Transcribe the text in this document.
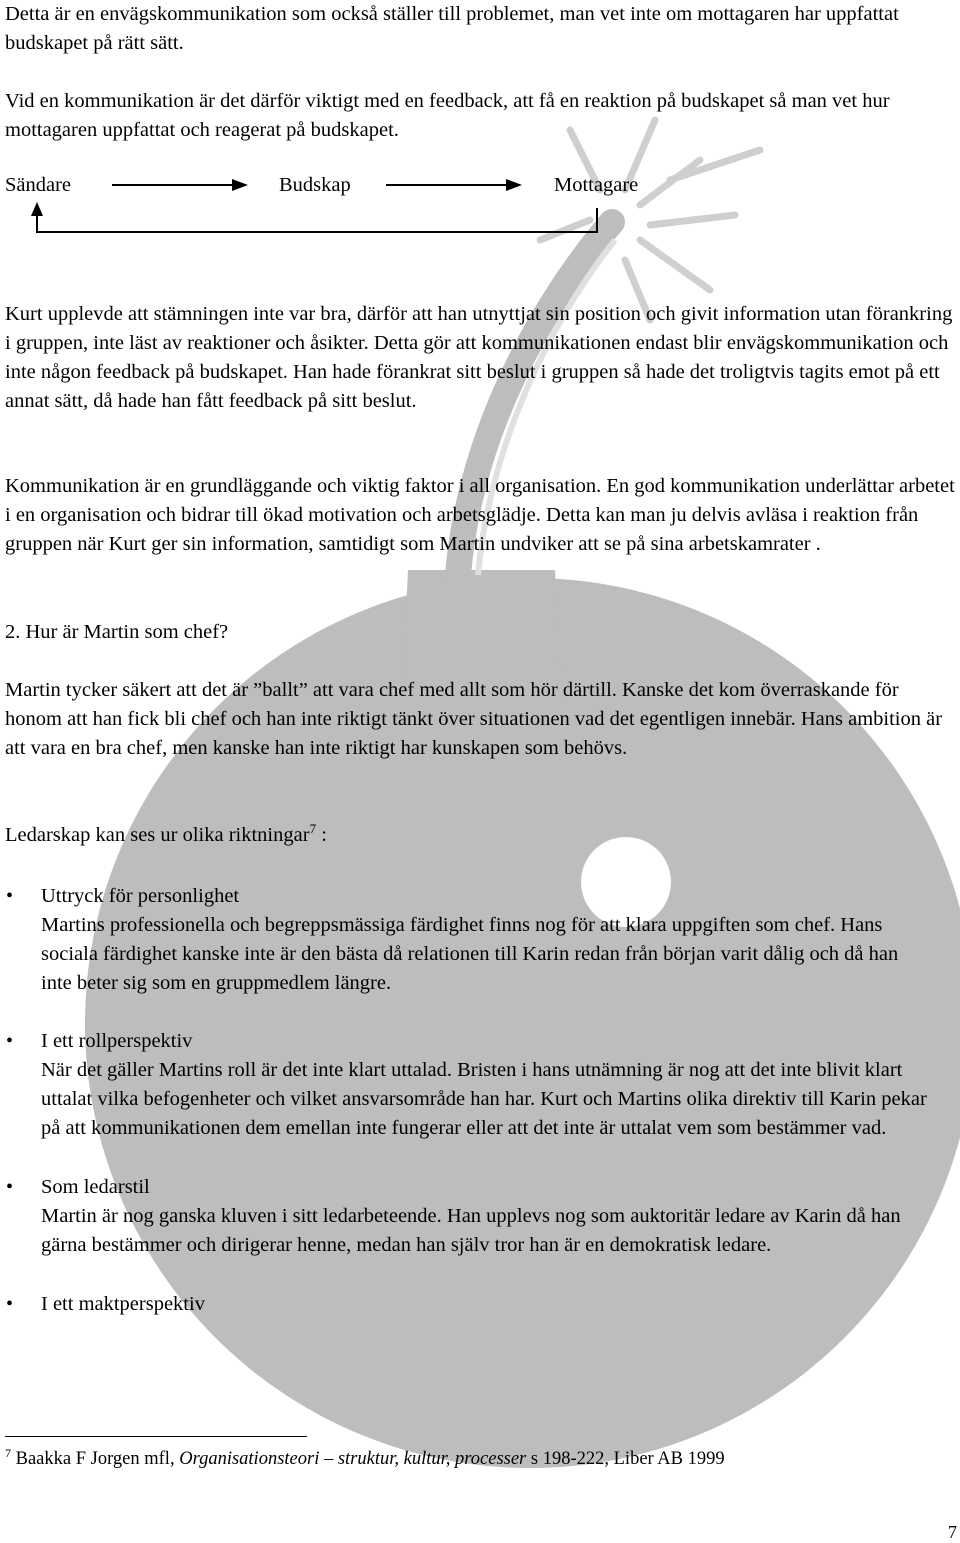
Detta är en envägskommunikation som också ställer till problemet, man vet inte om mottagaren har uppfattat budskapet på rätt sätt.

Vid en kommunikation är det därför viktigt med en feedback, att få en reaktion på budskapet så man vet hur mottagaren uppfattat och reagerat på budskapet.

Sändare	Budskap	Mottagare

Kurt upplevde att stämningen inte var bra, därför att han utnyttjat sin position och givit information utan förankring i gruppen, inte läst av reaktioner och åsikter. Detta gör att kommunikationen endast blir envägskommunikation och inte någon feedback på budskapet. Han hade förankrat sitt beslut i gruppen så hade det troligtvis tagits emot på ett annat sätt, då hade han fått feedback på sitt beslut.

Kommunikation är en grundläggande och viktig faktor i all organisation. En god kommunikation underlättar arbetet i en organisation och bidrar till ökad motivation och arbetsglädje. Detta kan man ju delvis avläsa i reaktion från gruppen när Kurt ger sin information, samtidigt som Martin undviker att se på sina arbetskamrater .

2. Hur är Martin som chef?

Martin tycker säkert att det är ”ballt” att vara chef med allt som hör därtill. Kanske det kom överraskande för honom att han fick bli chef och han inte riktigt tänkt över situationen vad det egentligen innebär. Hans ambition är att vara en bra chef, men kanske han inte riktigt har kunskapen som behövs.

Ledarskap kan ses ur olika riktningar$^7$ :

• Uttryck för personlighet
Martins professionella och begreppsmässiga färdighet finns nog för att klara uppgiften som chef. Hans sociala färdighet kanske inte är den bästa då relationen till Karin redan från början varit dålig och då han inte beter sig som en gruppmedlem längre.
• I ett rollperspektiv
När det gäller Martins roll är det inte klart uttalad. Bristen i hans utnämning är nog att det inte blivit klart uttalat vilka befogenheter och vilket ansvarsområde han har. Kurt och Martins olika direktiv till Karin pekar på att kommunikationen dem emellan inte fungerar eller att det inte är uttalat vem som bestämmer vad.
• Som ledarstil
Martin är nog ganska kluven i sitt ledarbeteende. Han upplevs nog som auktoritär ledare av Karin då han gärna bestämmer och dirigerar henne, medan han själv tror han är en demokratisk ledare.
• I ett maktperspektiv
$^7$ Baakka F Jorgen mfl, Organisationsteori – struktur, kultur, processer s 198-222, Liber AB 1999
7
